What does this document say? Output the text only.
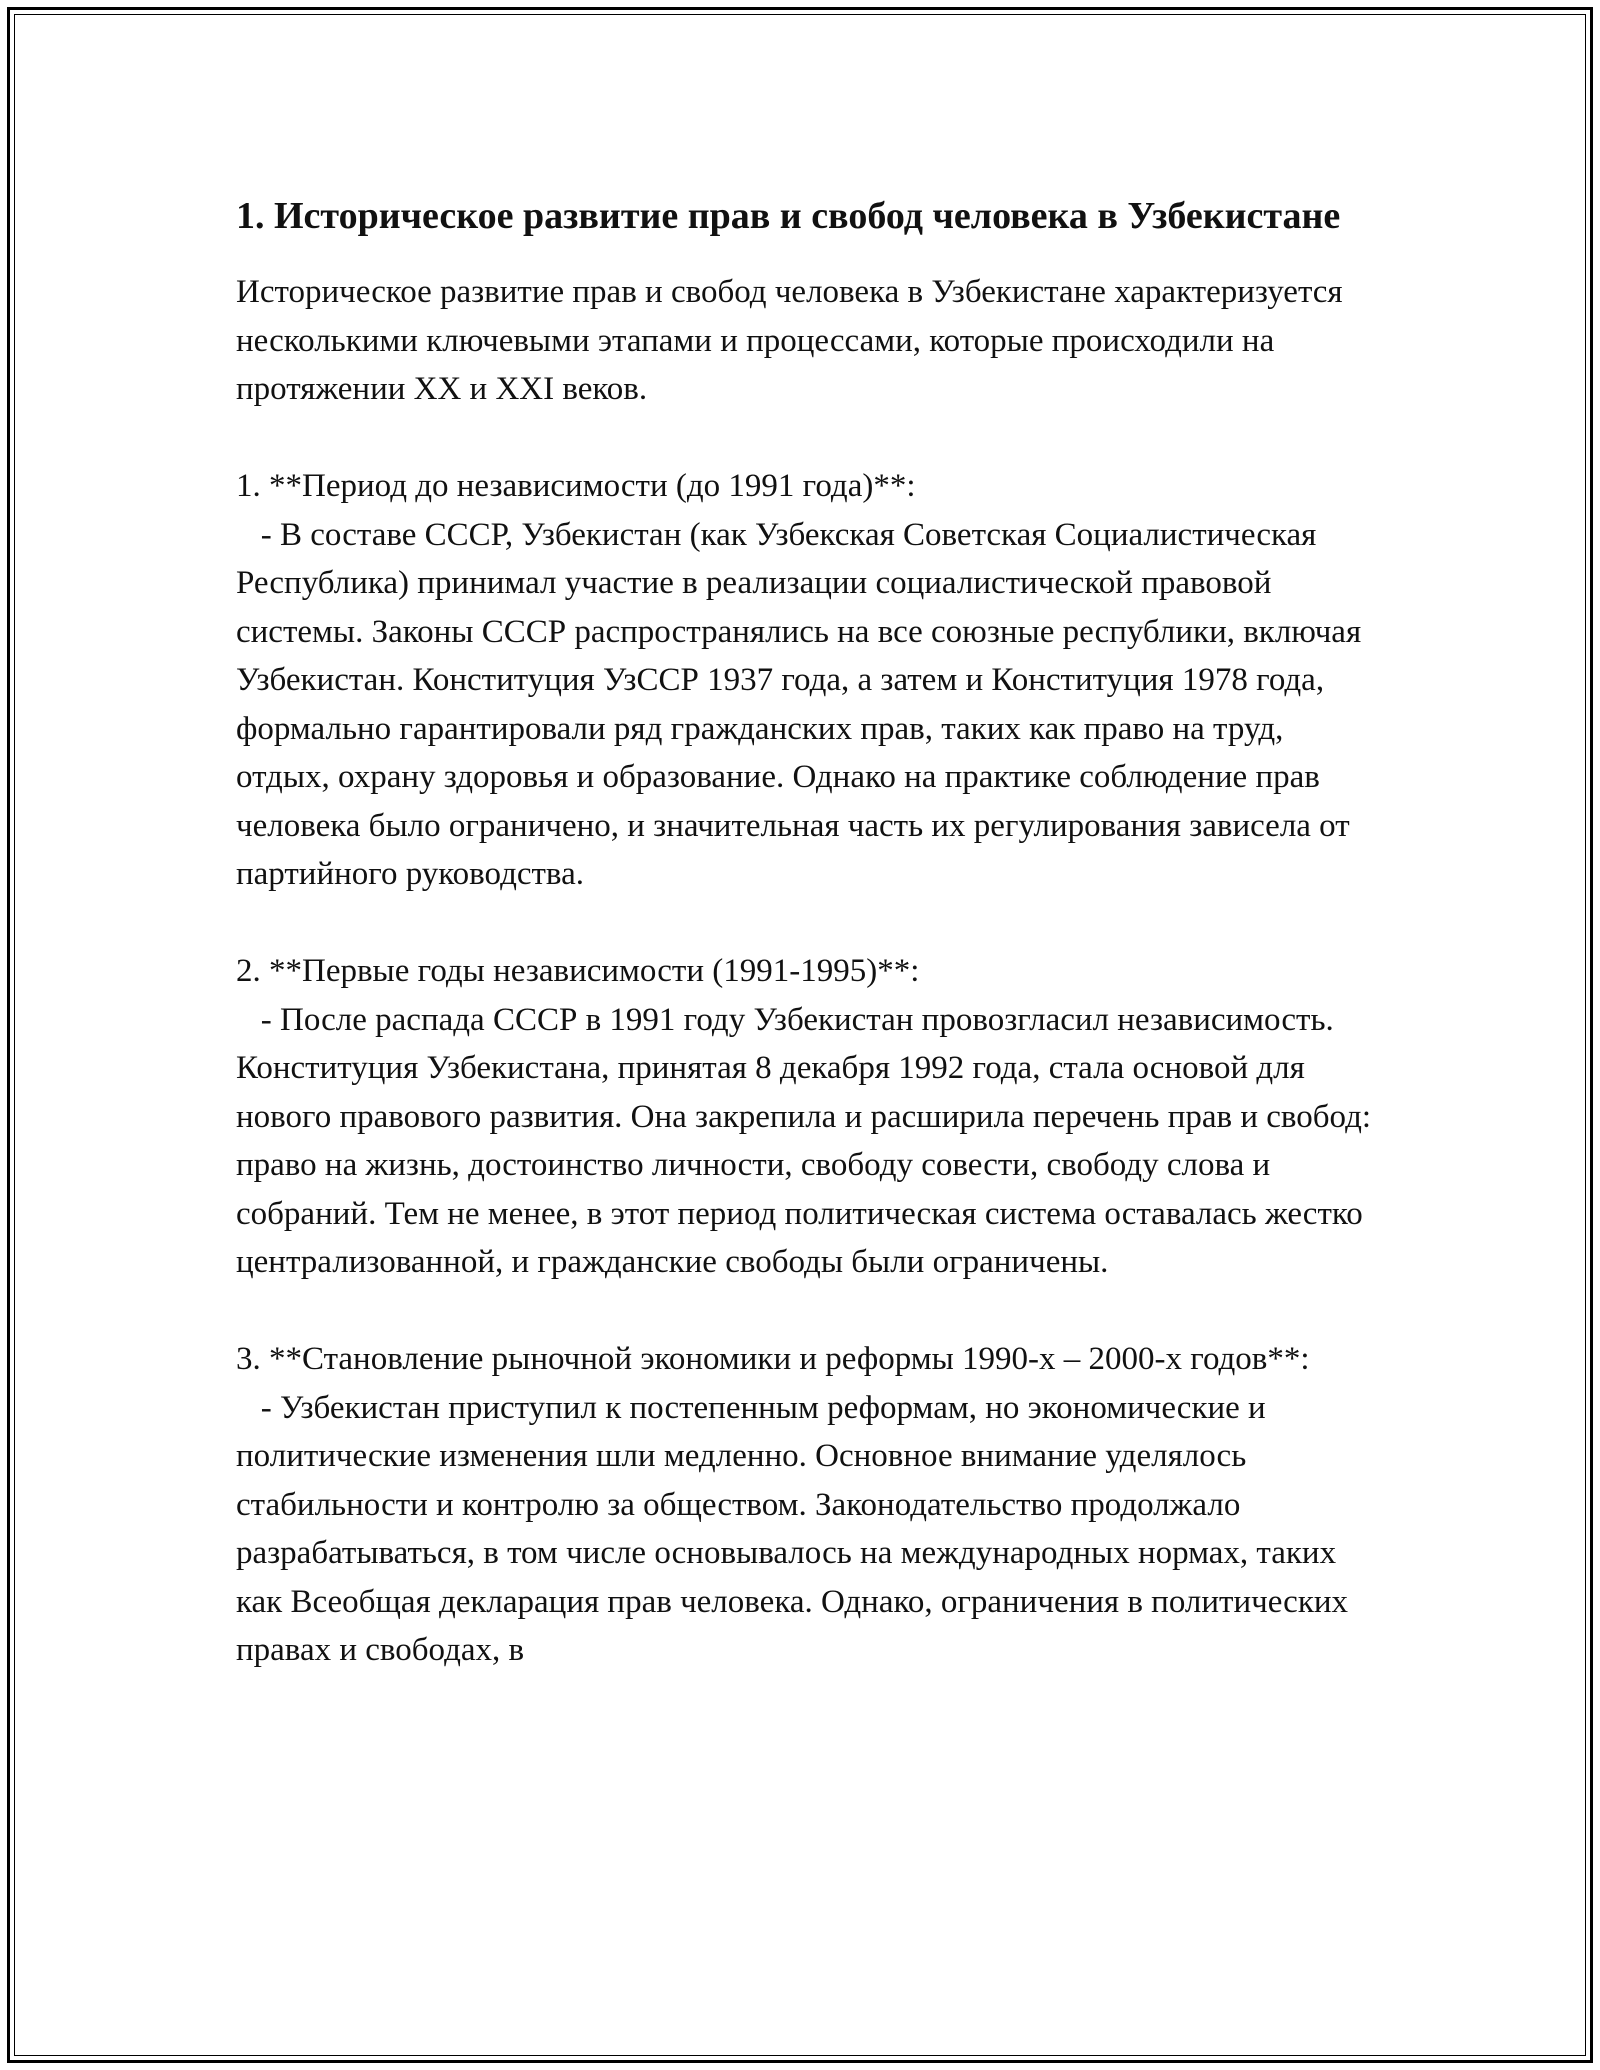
1. Историческое развитие прав и свобод человека в Узбекистане

Историческое развитие прав и свобод человека в Узбекистане характеризуется несколькими ключевыми этапами и процессами, которые происходили на протяжении XX и XXI веков.

1. **Период до независимости (до 1991 года)**:

- В составе СССР, Узбекистан (как Узбекская Советская Социалистическая Республика) принимал участие в реализации социалистической правовой системы. Законы СССР распространялись на все союзные республики, включая Узбекистан. Конституция УзССР 1937 года, а затем и Конституция 1978 года, формально гарантировали ряд гражданских прав, таких как право на труд, отдых, охрану здоровья и образование. Однако на практике соблюдение прав человека было ограничено, и значительная часть их регулирования зависела от партийного руководства.

2. **Первые годы независимости (1991-1995)**:

- После распада СССР в 1991 году Узбекистан провозгласил независимость. Конституция Узбекистана, принятая 8 декабря 1992 года, стала основой для нового правового развития. Она закрепила и расширила перечень прав и свобод: право на жизнь, достоинство личности, свободу совести, свободу слова и собраний. Тем не менее, в этот период политическая система оставалась жестко централизованной, и гражданские свободы были ограничены.

3. **Становление рыночной экономики и реформы 1990-х – 2000-х годов**:

- Узбекистан приступил к постепенным реформам, но экономические и политические изменения шли медленно. Основное внимание уделялось стабильности и контролю за обществом. Законодательство продолжало разрабатываться, в том числе основывалось на международных нормах, таких как Всеобщая декларация прав человека. Однако, ограничения в политических правах и свободах, в
